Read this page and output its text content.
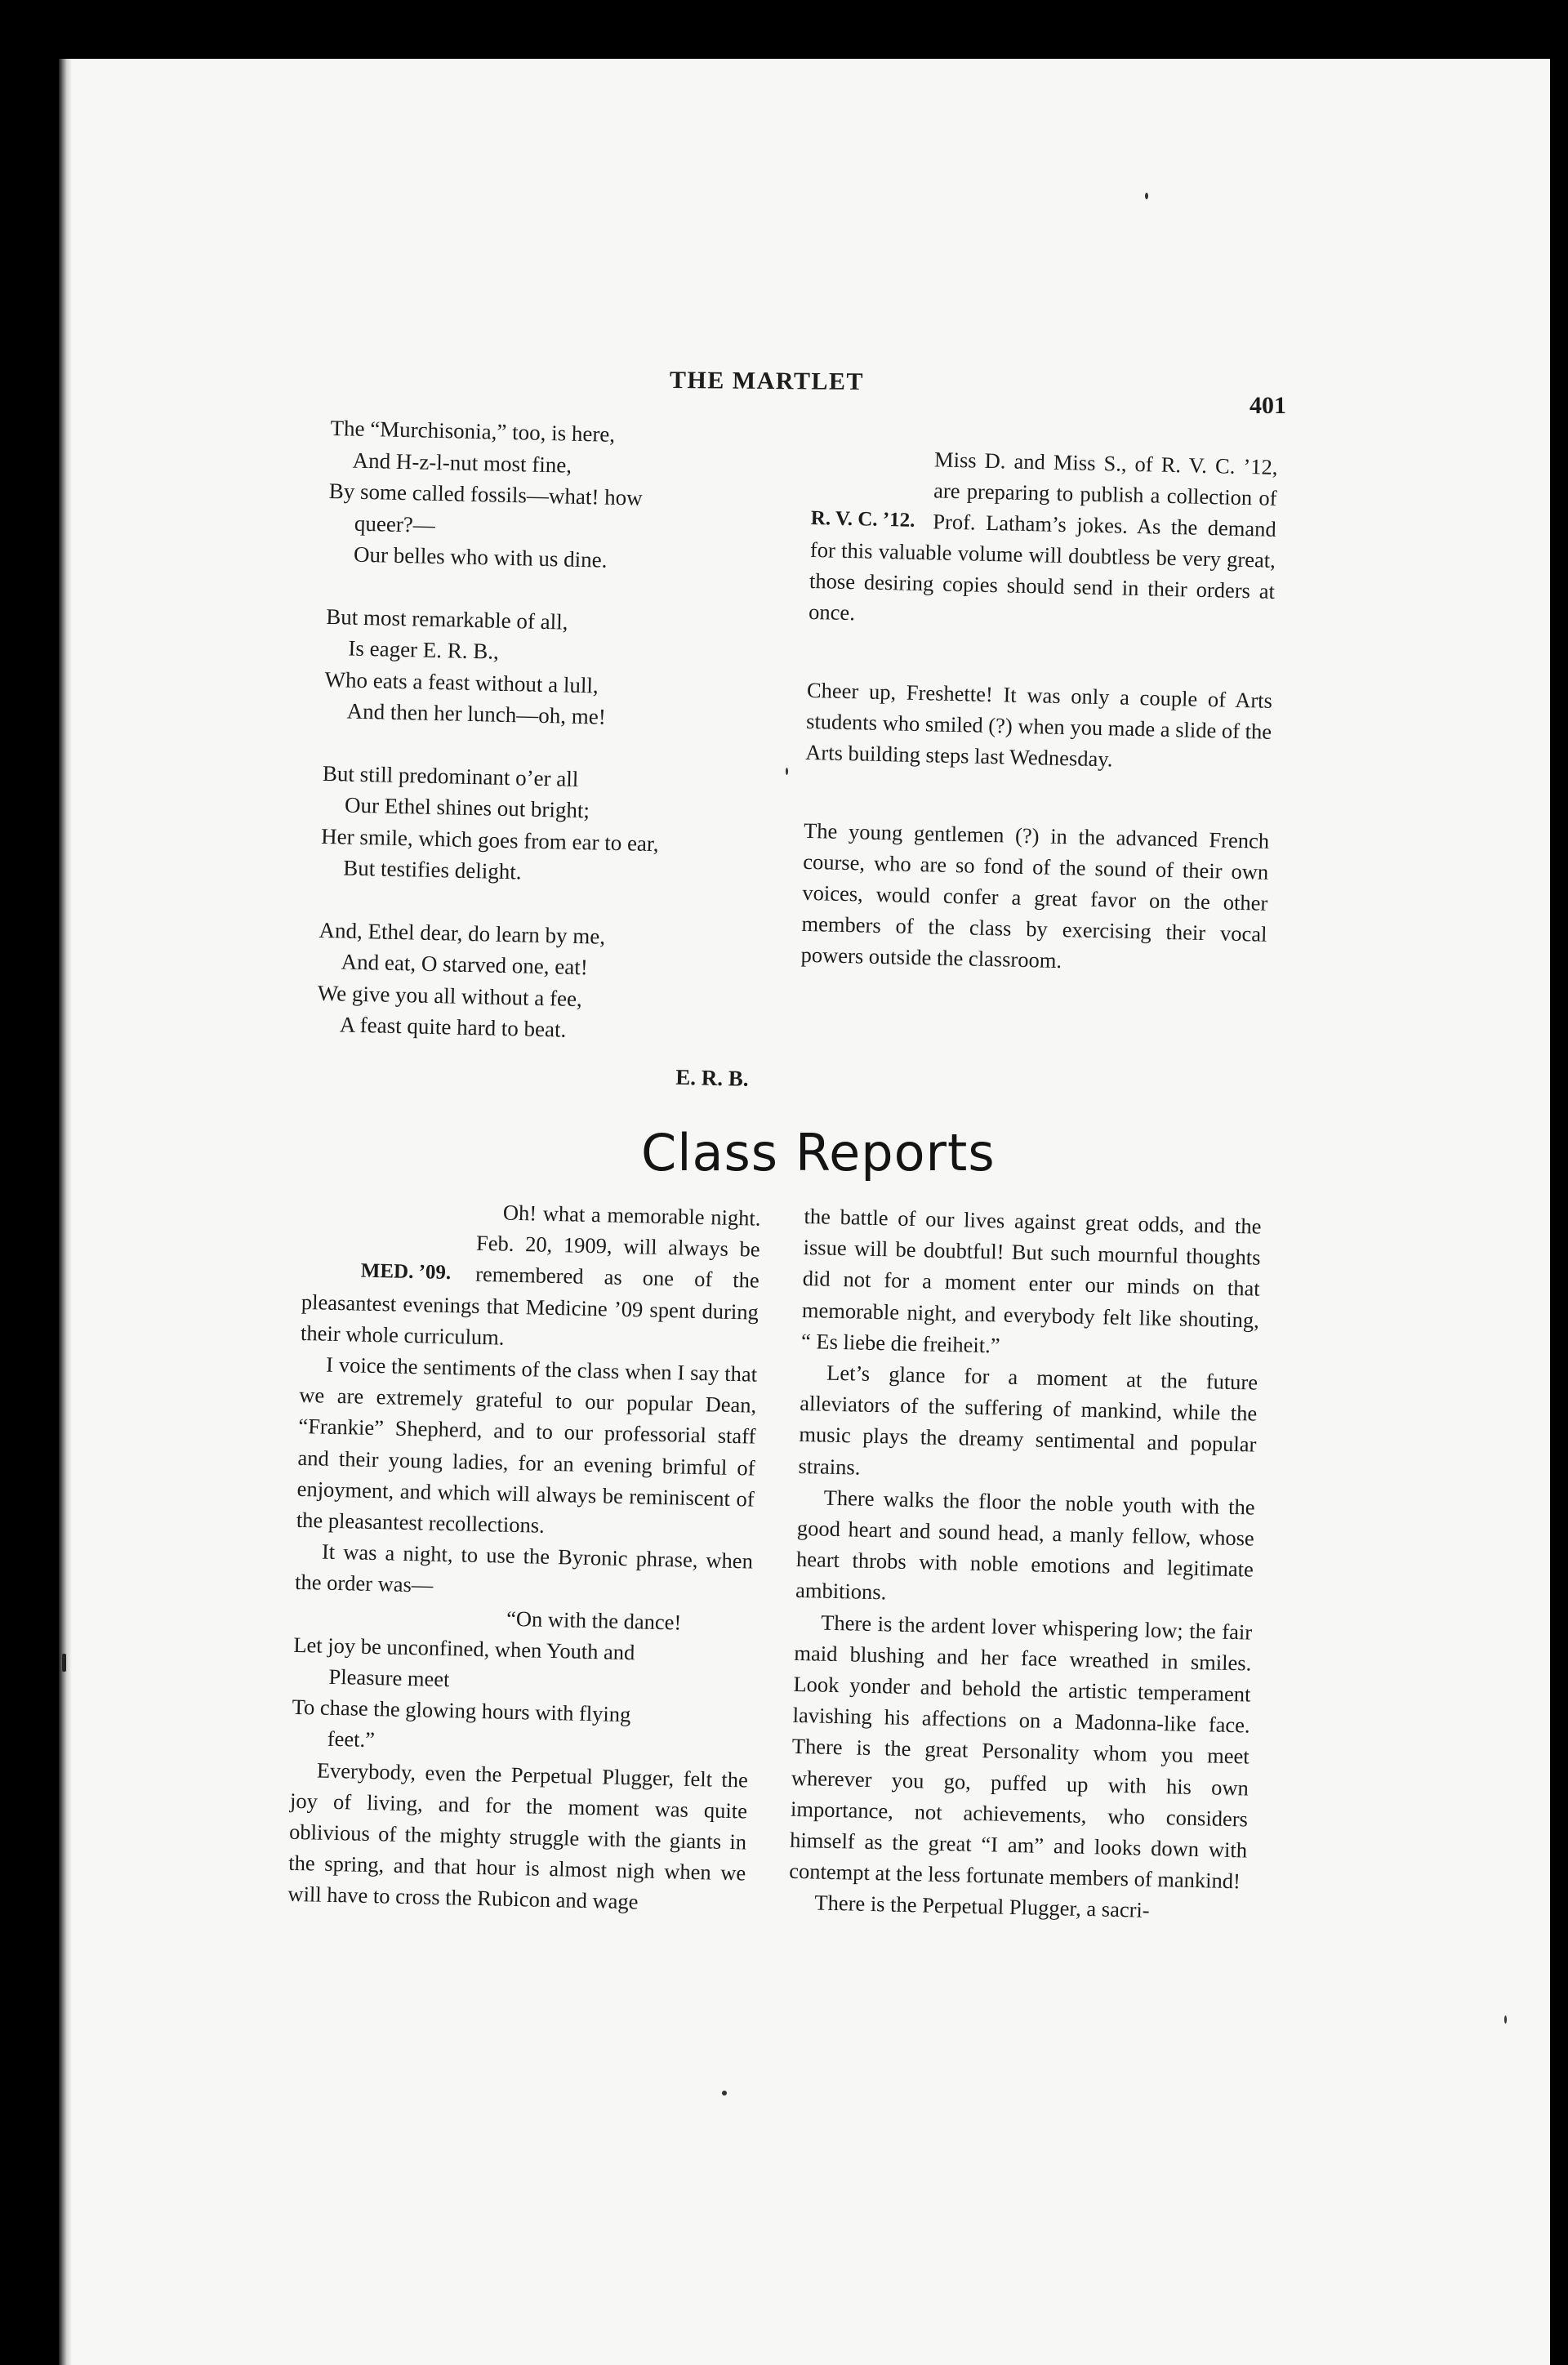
THE MARTLET
401
The “Murchisonia,” too, is here,
And H-z-l-nut most fine,
By some called fossils—what! how
queer?—
Our belles who with us dine.
But most remarkable of all,
Is eager E. R. B.,
Who eats a feast without a lull,
And then her lunch—oh, me!
But still predominant o’er all
Our Ethel shines out bright;
Her smile, which goes from ear to ear,
But testifies delight.
And, Ethel dear, do learn by me,
And eat, O starved one, eat!
We give you all without a fee,
A feast quite hard to beat.
E. R. B.

R. V. C. ’12.
Miss D. and Miss S., of R. V. C. ’12, are preparing to publish a collection of Prof. Latham’s jokes. As the demand for this valuable volume will doubtless be very great, those desiring copies should send in their orders at once.

Cheer up, Freshette! It was only a couple of Arts students who smiled (?) when you made a slide of the Arts building steps last Wednesday.

The young gentlemen (?) in the advanced French course, who are so fond of the sound of their own voices, would confer a great favor on the other members of the class by exercising their vocal powers outside the classroom.

Class Reports

MED. ’09.
Oh! what a memorable night. Feb. 20, 1909, will always be remembered as one of the pleasantest evenings that Medicine ’09 spent during their whole curriculum.

I voice the sentiments of the class when I say that we are extremely grateful to our popular Dean, “Frankie” Shepherd, and to our professorial staff and their young ladies, for an evening brimful of enjoyment, and which will always be reminiscent of the pleasantest recollections.

It was a night, to use the Byronic phrase, when the order was—

“On with the dance!
Let joy be unconfined, when Youth and
Pleasure meet
To chase the glowing hours with flying
feet.”

Everybody, even the Perpetual Plugger, felt the joy of living, and for the moment was quite oblivious of the mighty struggle with the giants in the spring, and that hour is almost nigh when we will have to cross the Rubicon and wage

the battle of our lives against great odds, and the issue will be doubtful! But such mournful thoughts did not for a moment enter our minds on that memorable night, and everybody felt like shouting, “ Es liebe die freiheit.”

Let’s glance for a moment at the future alleviators of the suffering of mankind, while the music plays the dreamy sentimental and popular strains.

There walks the floor the noble youth with the good heart and sound head, a manly fellow, whose heart throbs with noble emotions and legitimate ambitions.

There is the ardent lover whispering low; the fair maid blushing and her face wreathed in smiles. Look yonder and behold the artistic temperament lavishing his affections on a Madonna-like face. There is the great Personality whom you meet wherever you go, puffed up with his own importance, not achievements, who considers himself as the great “I am” and looks down with contempt at the less fortunate members of mankind!

There is the Perpetual Plugger, a sacri-
